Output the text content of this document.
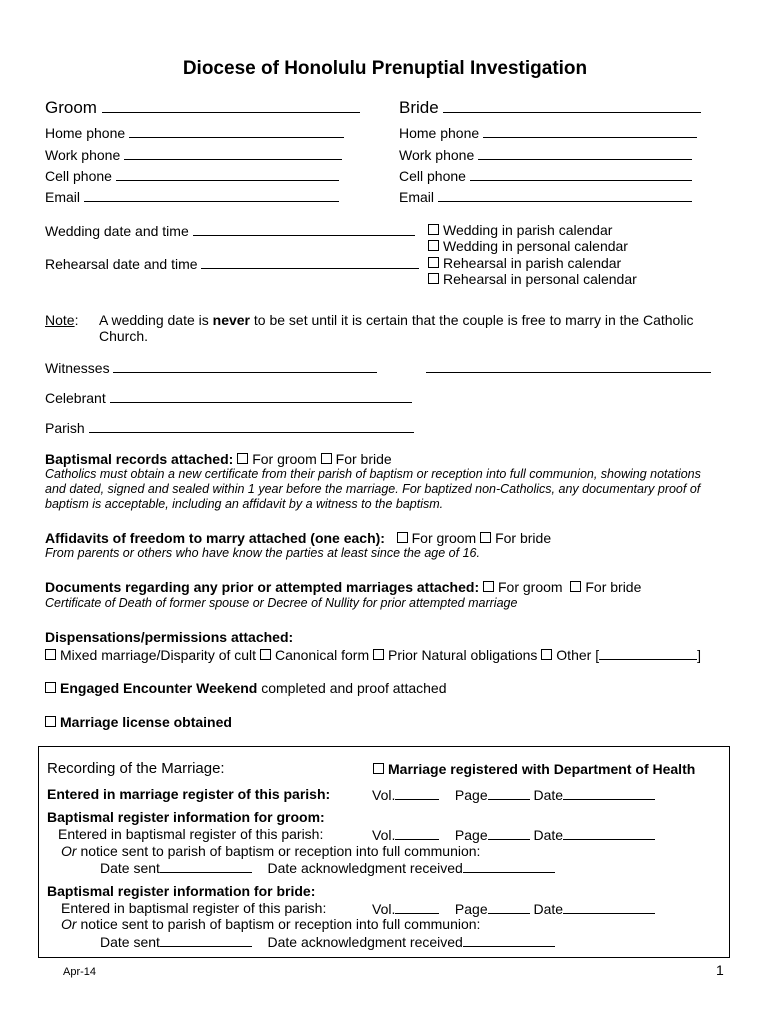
Diocese of Honolulu Prenuptial Investigation
Groom
Home phone
Work phone
Cell phone
Email
Bride
Home phone
Work phone
Cell phone
Email
Wedding date and time
Rehearsal date and time
Wedding in parish calendar
Wedding in personal calendar
Rehearsal in parish calendar
Rehearsal in personal calendar
Note: A wedding date is never to be set until it is certain that the couple is free to marry in the Catholic
Church.
Witnesses
Celebrant
Parish
Baptismal records attached: For groom For bride
Catholics must obtain a new certificate from their parish of baptism or reception into full communion, showing notations
and dated, signed and sealed within 1 year before the marriage. For baptized non-Catholics, any documentary proof of
baptism is acceptable, including an affidavit by a witness to the baptism.
Affidavits of freedom to marry attached (one each): For groom For bride
From parents or others who have know the parties at least since the age of 16.
Documents regarding any prior or attempted marriages attached: For groom For bride
Certificate of Death of former spouse or Decree of Nullity for prior attempted marriage
Dispensations/permissions attached:
Mixed marriage/Disparity of cult Canonical form Prior Natural obligations Other [	]
Engaged Encounter Weekend completed and proof attached
Marriage license obtained
Recording of the Marriage:	Marriage registered with Department of Health
Entered in marriage register of this parish:	Vol.	Page	Date
Baptismal register information for groom:
Entered in baptismal register of this parish:	Vol.	Page	Date
Or notice sent to parish of baptism or reception into full communion:
Date sent	Date acknowledgment received
Baptismal register information for bride:
Entered in baptismal register of this parish:	Vol.	Page	Date
Or notice sent to parish of baptism or reception into full communion:
Date sent	Date acknowledgment received
Apr-14	1
